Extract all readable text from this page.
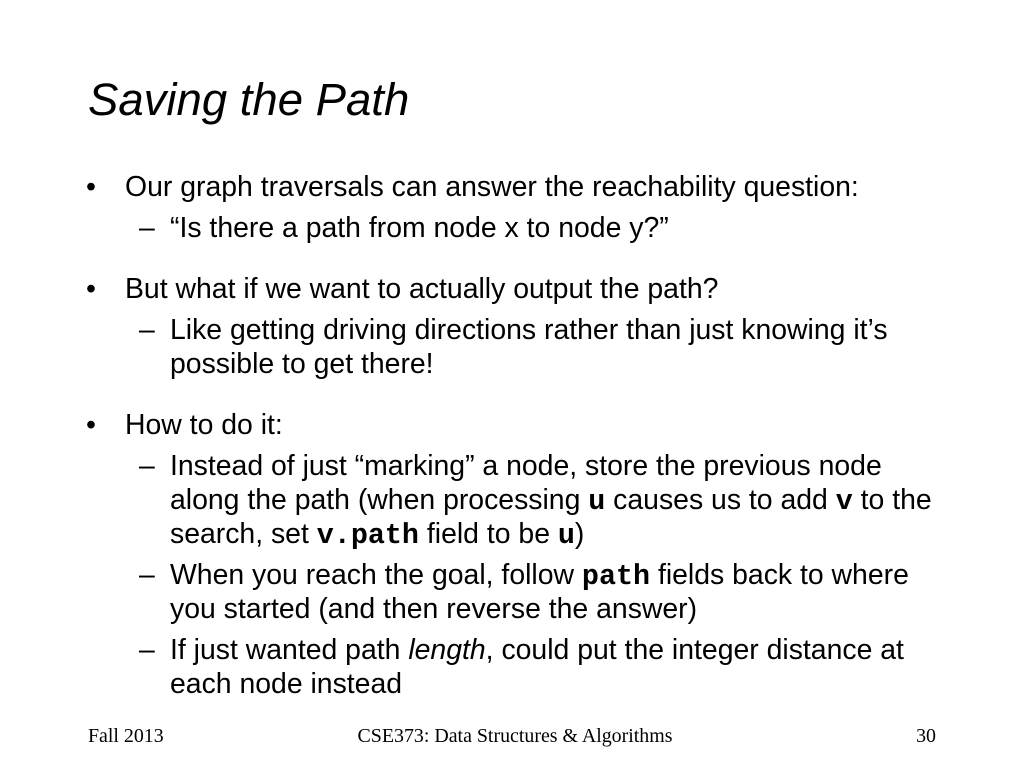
Saving the Path
•	Our graph traversals can answer the reachability question:
– “Is there a path from node x to node y?”
•	But what if we want to actually output the path?
– Like getting driving directions rather than just knowing it’s
possible to get there!
•	How to do it:
– Instead of just “marking” a node, store the previous node
along the path (when processing u causes us to add v to the
search, set v.path field to be u)
– When you reach the goal, follow path fields back to where
you started (and then reverse the answer)
– If just wanted path length, could put the integer distance at
each node instead
Fall 2013	CSE373: Data Structures & Algorithms	30
